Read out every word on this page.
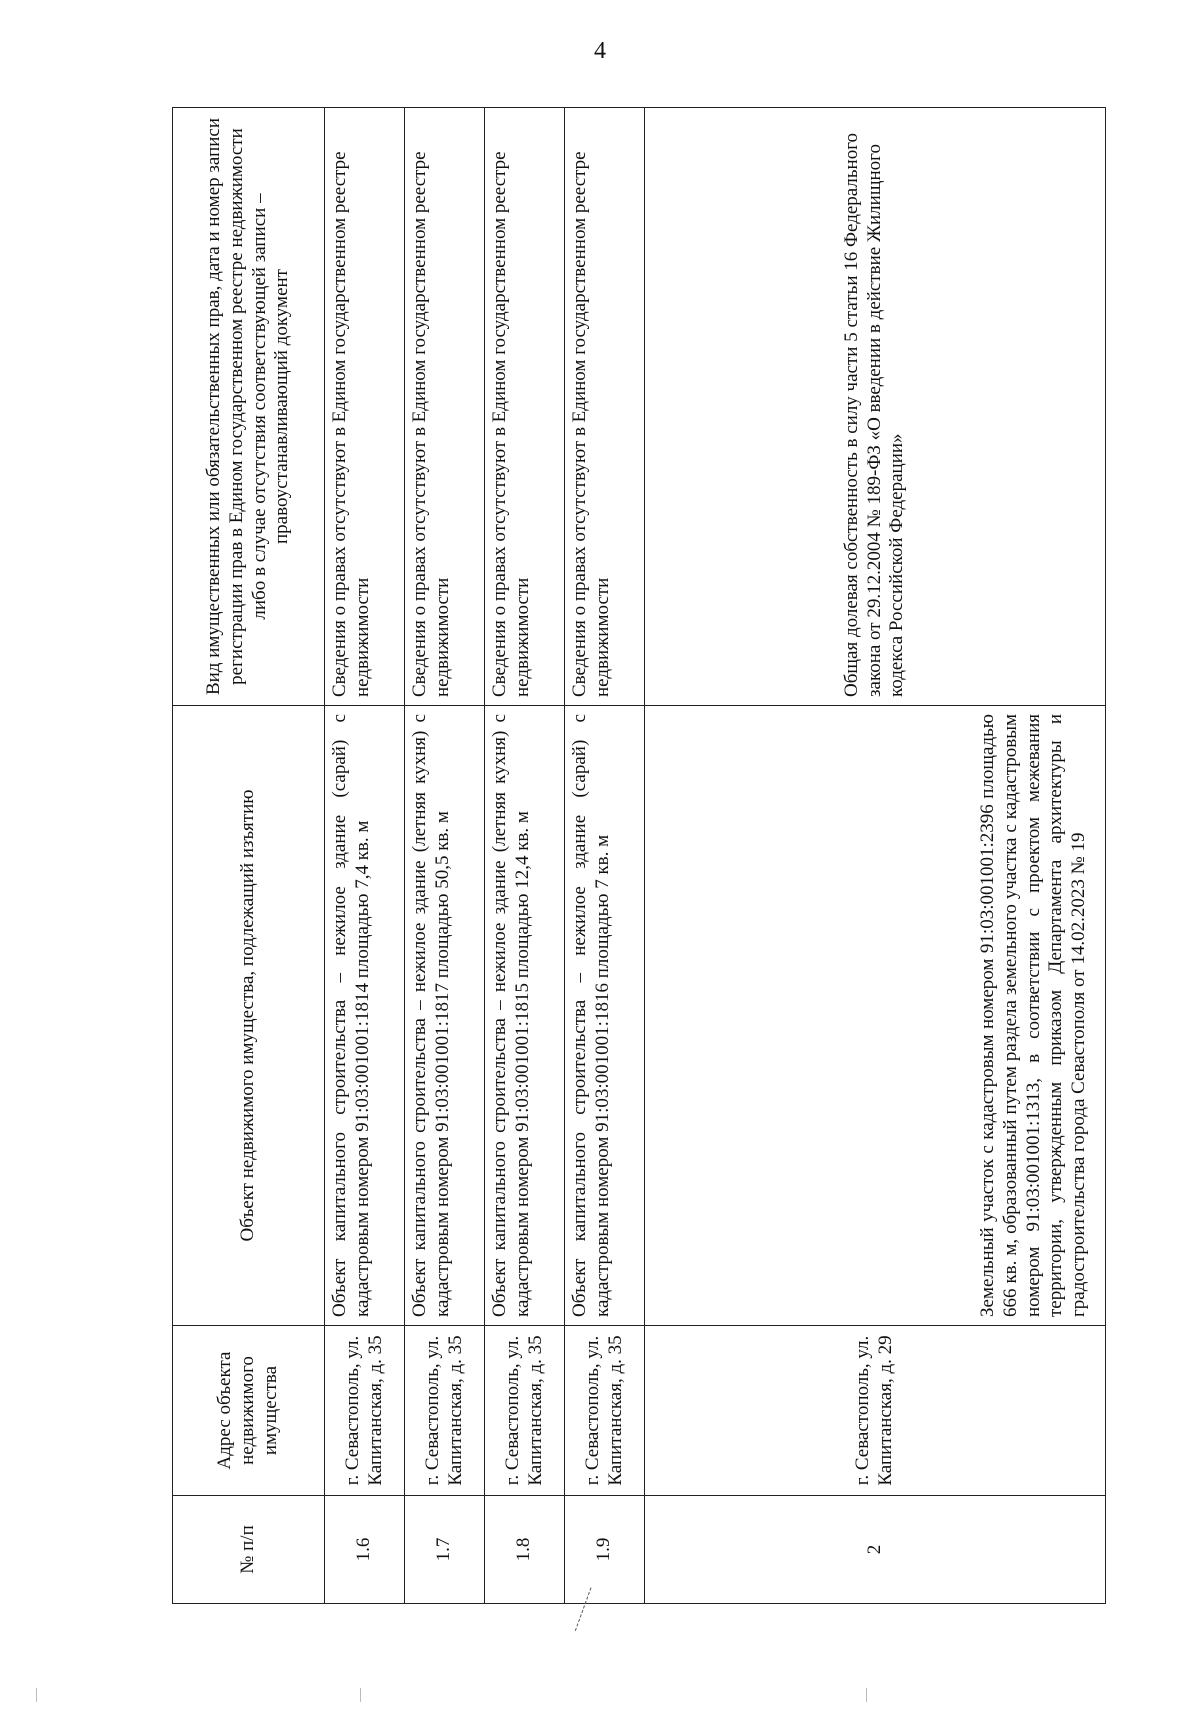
4
№ п/п	Адрес объекта недвижимого имущества	Объект недвижимого имущества, подлежащий изъятию	Вид имущественных или обязательственных прав, дата и номер записи регистрации прав в Едином государственном реестре недвижимости либо в случае отсутствия соответствующей записи – правоустанавливающий документ
1.6	г. Севастополь, ул. Капитанская, д. 35	Объект капитального строительства – нежилое здание (сарай) с кадастровым номером 91:03:001001:1814 площадью 7,4 кв. м	Сведения о правах отсутствуют в Едином государственном реестре недвижимости
1.7	г. Севастополь, ул. Капитанская, д. 35	Объект капитального строительства – нежилое здание (летняя кухня) с кадастровым номером 91:03:001001:1817 площадью 50,5 кв. м	Сведения о правах отсутствуют в Едином государственном реестре недвижимости
1.8	г. Севастополь, ул. Капитанская, д. 35	Объект капитального строительства – нежилое здание (летняя кухня) с кадастровым номером 91:03:001001:1815 площадью 12,4 кв. м	Сведения о правах отсутствуют в Едином государственном реестре недвижимости
1.9	г. Севастополь, ул. Капитанская, д. 35	Объект капитального строительства – нежилое здание (сарай) с кадастровым номером 91:03:001001:1816 площадью 7 кв. м	Сведения о правах отсутствуют в Едином государственном реестре недвижимости
2	г. Севастополь, ул. Капитанская, д. 29	Земельный участок с кадастровым номером 91:03:001001:2396 площадью 666 кв. м, образованный путем раздела земельного участка с кадастровым номером 91:03:001001:1313, в соответствии с проектом межевания территории, утвержденным приказом Департамента архитектуры и градостроительства города Севастополя от 14.02.2023 № 19	Общая долевая собственность в силу части 5 статьи 16 Федерального закона от 29.12.2004 № 189-ФЗ «О введении в действие Жилищного кодекса Российской Федерации»
